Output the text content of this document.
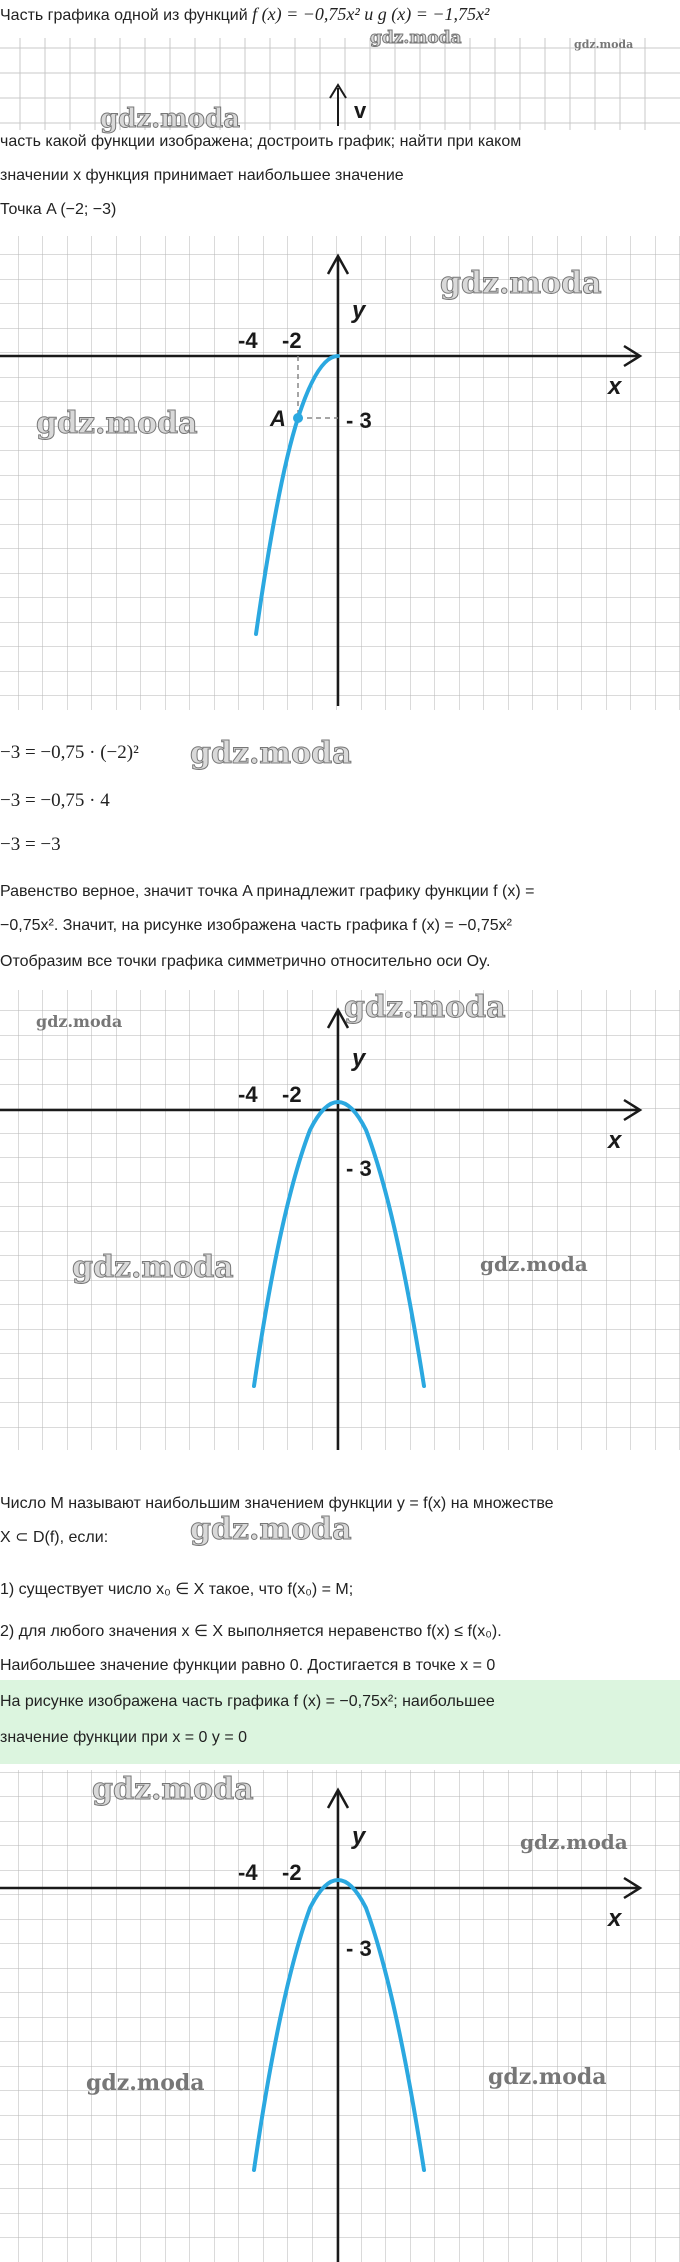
Часть графика одной из функций f (x) = −0,75x² и g (x) = −1,75x²
v
gdz.moda	gdz.moda
gdz.moda
часть какой функции изображена; достроить график; найти при каком
значении x функция принимает наибольшее значение
Точка A (−2; −3)
x
y
-4 -2
- 3
A
gdz.moda
gdz.moda
−3 = −0,75 · (−2)² gdz.moda
−3 = −0,75 · 4
−3 = −3
Равенство верное, значит точка A принадлежит графику функции f (x) =
−0,75x². Значит, на рисунке изображена часть графика f (x) = −0,75x²
Отобразим все точки графика симметрично относительно оси Oy.
x
y
-4 -2
- 3
gdz.moda	gdz.moda
gdz.moda	gdz.moda
Число M называют наибольшим значением функции y = f(x) на множестве
X ⊂ D(f), если:	gdz.moda
1) существует число x₀ ∈ X такое, что f(x₀) = M;
2) для любого значения x ∈ X выполняется неравенство f(x) ≤ f(x₀).
Наибольшее значение функции равно 0. Достигается в точке x = 0
На рисунке изображена часть графика f (x) = −0,75x²; наибольшее
значение функции при x = 0 y = 0
x
y
-4 -2
- 3
gdz.moda
gdz.moda
gdz.moda	gdz.moda
